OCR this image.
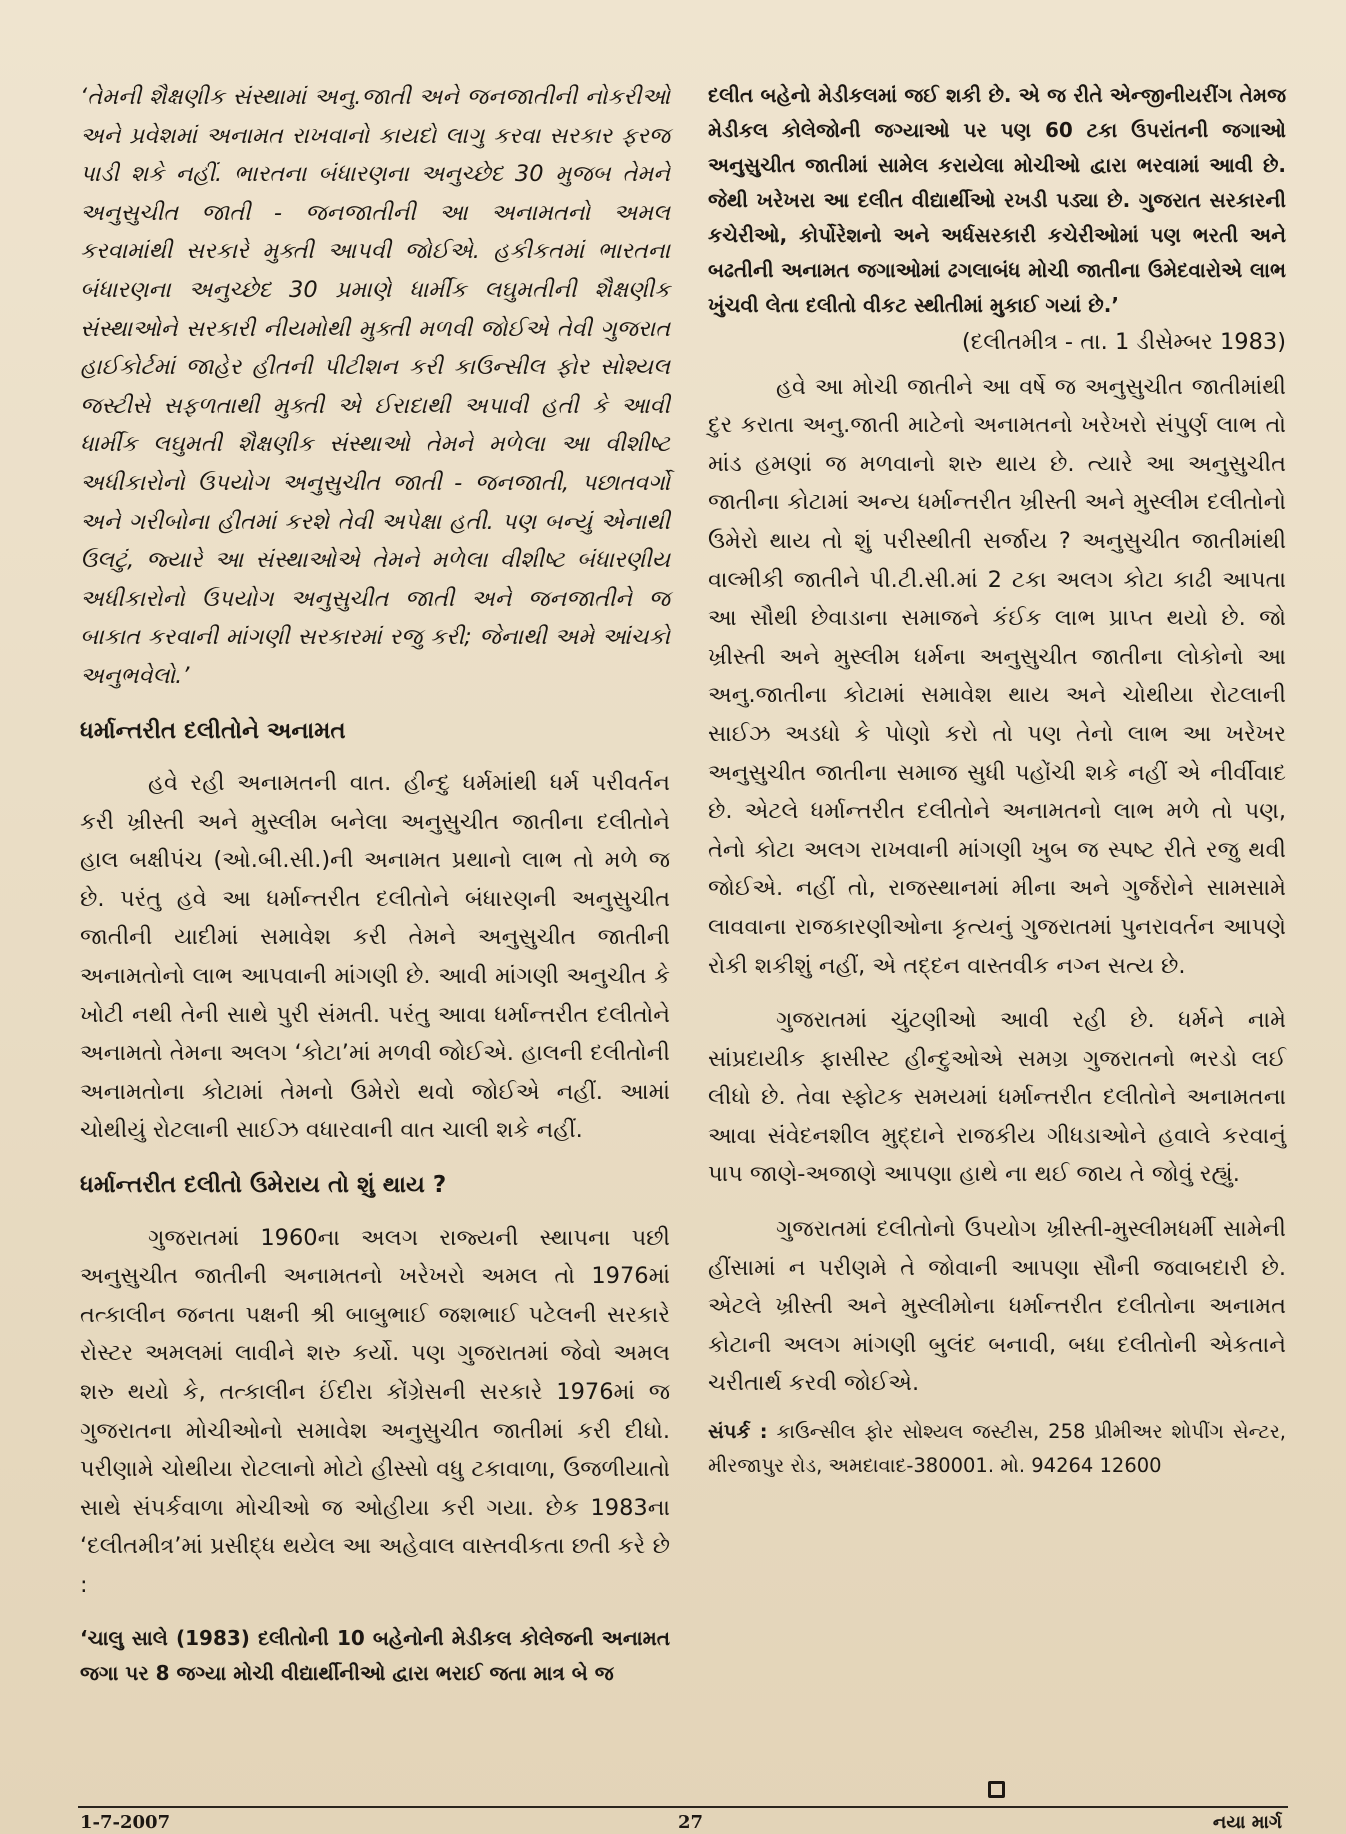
‘તેમની શૈક્ષણીક સંસ્થામાં અનુ.જાતી અને જનજાતીની નોકરીઓ અને પ્રવેશમાં અનામત રાખવાનો કાયદો લાગુ કરવા સરકાર ફરજ પાડી શકે નહીં. ભારતના બંધારણના અનુચ્છેદ 30 મુજબ તેમને અનુસુચીત જાતી - જનજાતીની આ અનામતનો અમલ કરવામાંથી સરકારે મુક્તી આપવી જોઈએ. હકીકતમાં ભારતના બંધારણના અનુચ્છેદ 30 પ્રમાણે ધાર્મીક લઘુમતીની શૈક્ષણીક સંસ્થાઓને સરકારી નીયમોથી મુક્તી મળવી જોઈએ તેવી ગુજરાત હાઈકોર્ટમાં જાહેર હીતની પીટીશન કરી કાઉન્સીલ ફોર સોશ્યલ જસ્ટીસે સફળતાથી મુક્તી એ ઈરાદાથી અપાવી હતી કે આવી ધાર્મીક લઘુમતી શૈક્ષણીક સંસ્થાઓ તેમને મળેલા આ વીશીષ્ટ અધીકારોનો ઉપયોગ અનુસુચીત જાતી - જનજાતી, પછાતવર્ગો અને ગરીબોના હીતમાં કરશે તેવી અપેક્ષા હતી. પણ બન્યું એનાથી ઉલટું, જ્યારે આ સંસ્થાઓએ તેમને મળેલા વીશીષ્ટ બંધારણીય અધીકારોનો ઉપયોગ અનુસુચીત જાતી અને જનજાતીને જ બાકાત કરવાની માંગણી સરકારમાં રજુ કરી; જેનાથી અમે આંચકો અનુભવેલો.’

ધર્માન્તરીત દલીતોને અનામત

હવે રહી અનામતની વાત. હીન્દુ ધર્મમાંથી ધર્મ પરીવર્તન કરી ખ્રીસ્તી અને મુસ્લીમ બનેલા અનુસુચીત જાતીના દલીતોને હાલ બક્ષીપંચ (ઓ.બી.સી.)ની અનામત પ્રથાનો લાભ તો મળે જ છે. પરંતુ હવે આ ધર્માન્તરીત દલીતોને બંધારણની અનુસુચીત જાતીની યાદીમાં સમાવેશ કરી તેમને અનુસુચીત જાતીની અનામતોનો લાભ આપવાની માંગણી છે. આવી માંગણી અનુચીત કે ખોટી નથી તેની સાથે પુરી સંમતી. પરંતુ આવા ધર્માન્તરીત દલીતોને અનામતો તેમના અલગ ‘કોટા’માં મળવી જોઈએ. હાલની દલીતોની અનામતોના કોટામાં તેમનો ઉમેરો થવો જોઈએ નહીં. આમાં ચોથીયું રોટલાની સાઈઝ વધારવાની વાત ચાલી શકે નહીં.

ધર્માન્તરીત દલીતો ઉમેરાય તો શું થાય ?

ગુજરાતમાં 1960ના અલગ રાજ્યની સ્થાપના પછી અનુસુચીત જાતીની અનામતનો ખરેખરો અમલ તો 1976માં તત્કાલીન જનતા પક્ષની શ્રી બાબુભાઈ જશભાઈ પટેલની સરકારે રોસ્ટર અમલમાં લાવીને શરુ કર્યો. પણ ગુજરાતમાં જેવો અમલ શરુ થયો કે, તત્કાલીન ઈંદીરા કોંગ્રેસની સરકારે 1976માં જ ગુજરાતના મોચીઓનો સમાવેશ અનુસુચીત જાતીમાં કરી દીધો. પરીણામે ચોથીયા રોટલાનો મોટો હીસ્સો વધુ ટકાવાળા, ઉજળીયાતો સાથે સંપર્કવાળા મોચીઓ જ ઓહીયા કરી ગયા. છેક 1983ના ‘દલીતમીત્ર’માં પ્રસીદ્ધ થયેલ આ અહેવાલ વાસ્તવીકતા છતી કરે છે :

‘ચાલુ સાલે (1983) દલીતોની 10 બહેનોની મેડીકલ કોલેજની અનામત જગા પર 8 જગ્યા મોચી વીદ્યાર્થીનીઓ દ્વારા ભરાઈ જતા માત્ર બે જ

દલીત બહેનો મેડીકલમાં જઈ શકી છે. એ જ રીતે એન્જીનીયરીંગ તેમજ મેડીકલ કોલેજોની જગ્યાઓ પર પણ 60 ટકા ઉપરાંતની જગાઓ અનુસુચીત જાતીમાં સામેલ કરાયેલા મોચીઓ દ્વારા ભરવામાં આવી છે. જેથી ખરેખરા આ દલીત વીદ્યાર્થીઓ રખડી પડ્યા છે. ગુજરાત સરકારની કચેરીઓ, કોર્પોરેશનો અને અર્ધસરકારી કચેરીઓમાં પણ ભરતી અને બઢતીની અનામત જગાઓમાં ઢગલાબંધ મોચી જાતીના ઉમેદવારોએ લાભ ખુંચવી લેતા દલીતો વીકટ સ્થીતીમાં મુકાઈ ગયાં છે.’

(દલીતમીત્ર - તા. 1 ડીસેમ્બર 1983)

હવે આ મોચી જાતીને આ વર્ષે જ અનુસુચીત જાતીમાંથી દુર કરાતા અનુ.જાતી માટેનો અનામતનો ખરેખરો સંપુર્ણ લાભ તો માંડ હમણાં જ મળવાનો શરુ થાય છે. ત્યારે આ અનુસુચીત જાતીના કોટામાં અન્ય ધર્માન્તરીત ખ્રીસ્તી અને મુસ્લીમ દલીતોનો ઉમેરો થાય તો શું પરીસ્થીતી સર્જાય ? અનુસુચીત જાતીમાંથી વાલ્મીકી જાતીને પી.ટી.સી.માં 2 ટકા અલગ કોટા કાઢી આપતા આ સૌથી છેવાડાના સમાજને કંઈક લાભ પ્રાપ્ત થયો છે. જો ખ્રીસ્તી અને મુસ્લીમ ધર્મના અનુસુચીત જાતીના લોકોનો આ અનુ.જાતીના કોટામાં સમાવેશ થાય અને ચોથીયા રોટલાની સાઈઝ અડધો કે પોણો કરો તો પણ તેનો લાભ આ ખરેખર અનુસુચીત જાતીના સમાજ સુધી પહોંચી શકે નહીં એ નીર્વીવાદ છે. એટલે ધર્માન્તરીત દલીતોને અનામતનો લાભ મળે તો પણ, તેનો કોટા અલગ રાખવાની માંગણી ખુબ જ સ્પષ્ટ રીતે રજુ થવી જોઈએ. નહીં તો, રાજસ્થાનમાં મીના અને ગુર્જરોને સામસામે લાવવાના રાજકારણીઓના કૃત્યનું ગુજરાતમાં પુનરાવર્તન આપણે રોકી શકીશું નહીં, એ તદ્દન વાસ્તવીક નગ્ન સત્ય છે.

ગુજરાતમાં ચુંટણીઓ આવી રહી છે. ધર્મને નામે સાંપ્રદાયીક ફાસીસ્ટ હીન્દુઓએ સમગ્ર ગુજરાતનો ભરડો લઈ લીધો છે. તેવા સ્ફોટક સમયમાં ધર્માન્તરીત દલીતોને અનામતના આવા સંવેદનશીલ મુદ્દાને રાજકીય ગીધડાઓને હવાલે કરવાનું પાપ જાણે-અજાણે આપણા હાથે ના થઈ જાય તે જોવું રહ્યું.

ગુજરાતમાં દલીતોનો ઉપયોગ ખ્રીસ્તી-મુસ્લીમધર્મી સામેની હીંસામાં ન પરીણમે તે જોવાની આપણા સૌની જવાબદારી છે. એટલે ખ્રીસ્તી અને મુસ્લીમોના ધર્માન્તરીત દલીતોના અનામત કોટાની અલગ માંગણી બુલંદ બનાવી, બધા દલીતોની એકતાને ચરીતાર્થ કરવી જોઈએ.

સંપર્ક : કાઉન્સીલ ફોર સોશ્યલ જસ્ટીસ, 258 પ્રીમીઅર શોપીંગ સેન્ટર, મીરજાપુર રોડ, અમદાવાદ-380001. મો. 94264 12600

1-7-2007	27	નયા માર્ગ
